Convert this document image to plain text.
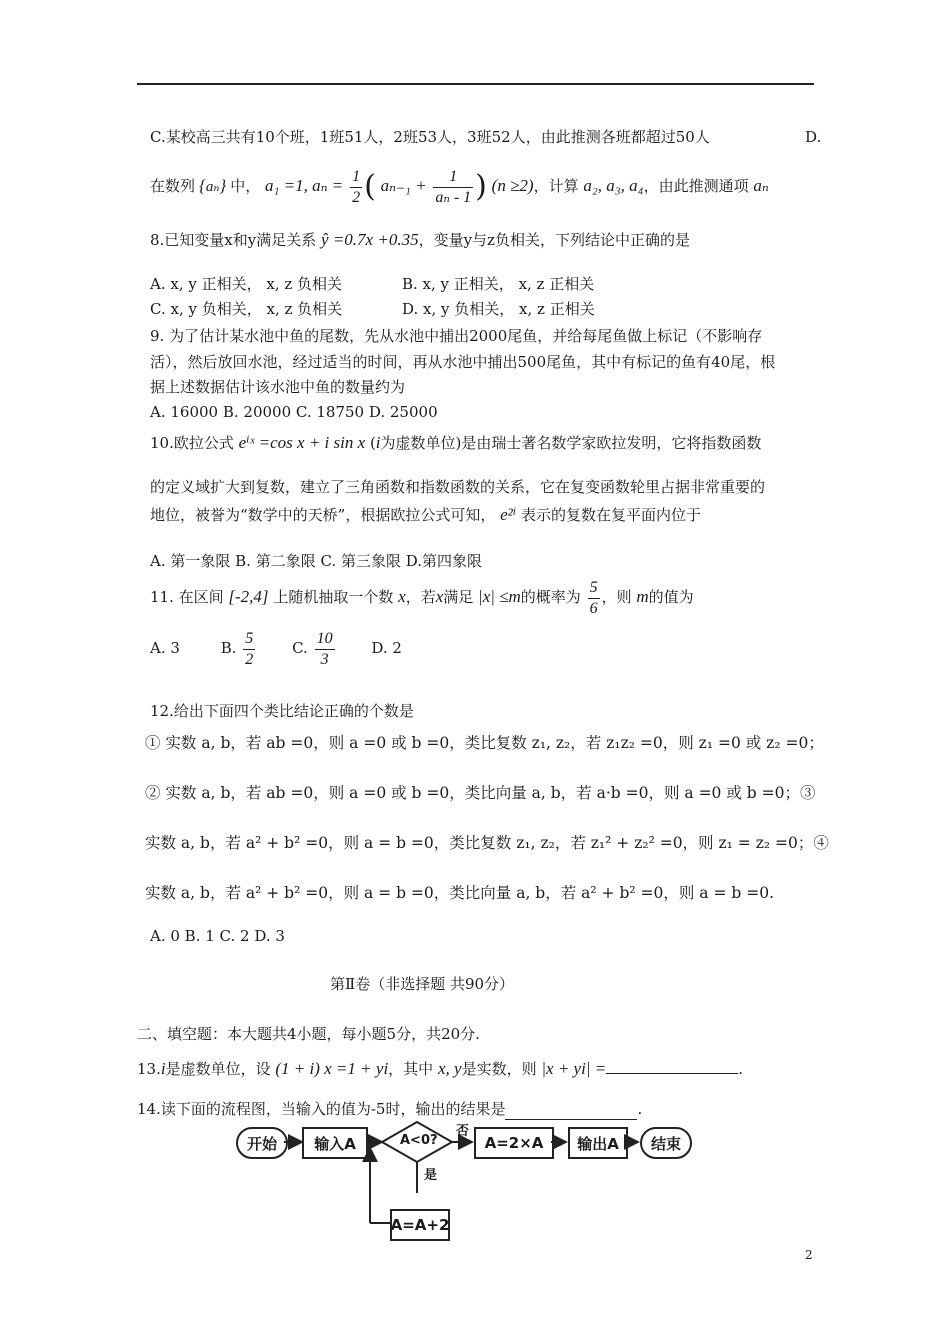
C.某校高三共有10个班，1班51人，2班53人，3班52人，由此推测各班都超过50人	D.
在数列 {aₙ} 中， a₁ =1, $a_n = \frac{1}{2}$ ( $a_{n-1} + \frac{1}{\text{aₙ - 1}}$ ) (n ≥2)，计算 a₂, a₃, a₄，由此推测通项 aₙ
8.已知变量x和y满足关系 ŷ =0.7x +0.35，变量y与z负相关，下列结论中正确的是
A. x, y 正相关， x, z 负相关	B. x, y 正相关， x, z 正相关
C. x, y 负相关， x, z 负相关	D. x, y 负相关， x, z 正相关
9. 为了估计某水池中鱼的尾数，先从水池中捕出2000尾鱼，并给每尾鱼做上标记（不影响存
活），然后放回水池，经过适当的时间，再从水池中捕出500尾鱼，其中有标记的鱼有40尾，根
据上述数据估计该水池中鱼的数量约为
A. 16000 B. 20000 C. 18750 D. 25000
10.欧拉公式 eⁱˣ =cos x + i sin x (i为虚数单位)是由瑞士著名数学家欧拉发明，它将指数函数
的定义域扩大到复数，建立了三角函数和指数函数的关系，它在复变函数轮里占据非常重要的
地位，被誉为“数学中的天桥”，根据欧拉公式可知， e²ⁱ 表示的复数在复平面内位于
A. 第一象限 B. 第二象限 C. 第三象限 D.第四象限
11. 在区间 [-2,4] 上随机抽取一个数 x，若x满足 |x| ≤m的概率为 $\frac{5}{6}$ ，则 m的值为
A. 3	B. $\frac{5}{2} C$. $\frac{10}{3} D$. 2
12.给出下面四个类比结论正确的个数是
① 实数 a, b，若 ab =0，则 a =0 或 b =0，类比复数 z₁, z₂，若 z₁z₂ =0，则 z₁ =0 或 z₂ =0；
② 实数 a, b，若 ab =0，则 a =0 或 b =0，类比向量 a, b，若 a·b =0，则 a =0 或 b =0；③
实数 a, b，若 a² + b² =0，则 a = b =0，类比复数 z₁, z₂，若 z₁² + z₂² =0，则 z₁ = z₂ =0；④
实数 a, b，若 a² + b² =0，则 a = b =0，类比向量 a, b，若 a² + b² =0，则 a = b =0.
A. 0 B. 1 C. 2 D. 3
第Ⅱ卷（非选择题 共90分）
二、填空题：本大题共4小题，每小题5分，共20分.
13.i是虚数单位，设 (1 + i) x =1 + yi，其中 x, y是实数，则 |x + yi| =	.
14.读下面的流程图，当输入的值为-5时，输出的结果是	.
开始 输入A	A<0?
否
是
A=2×A 输出A 结束
A=A+2
2
